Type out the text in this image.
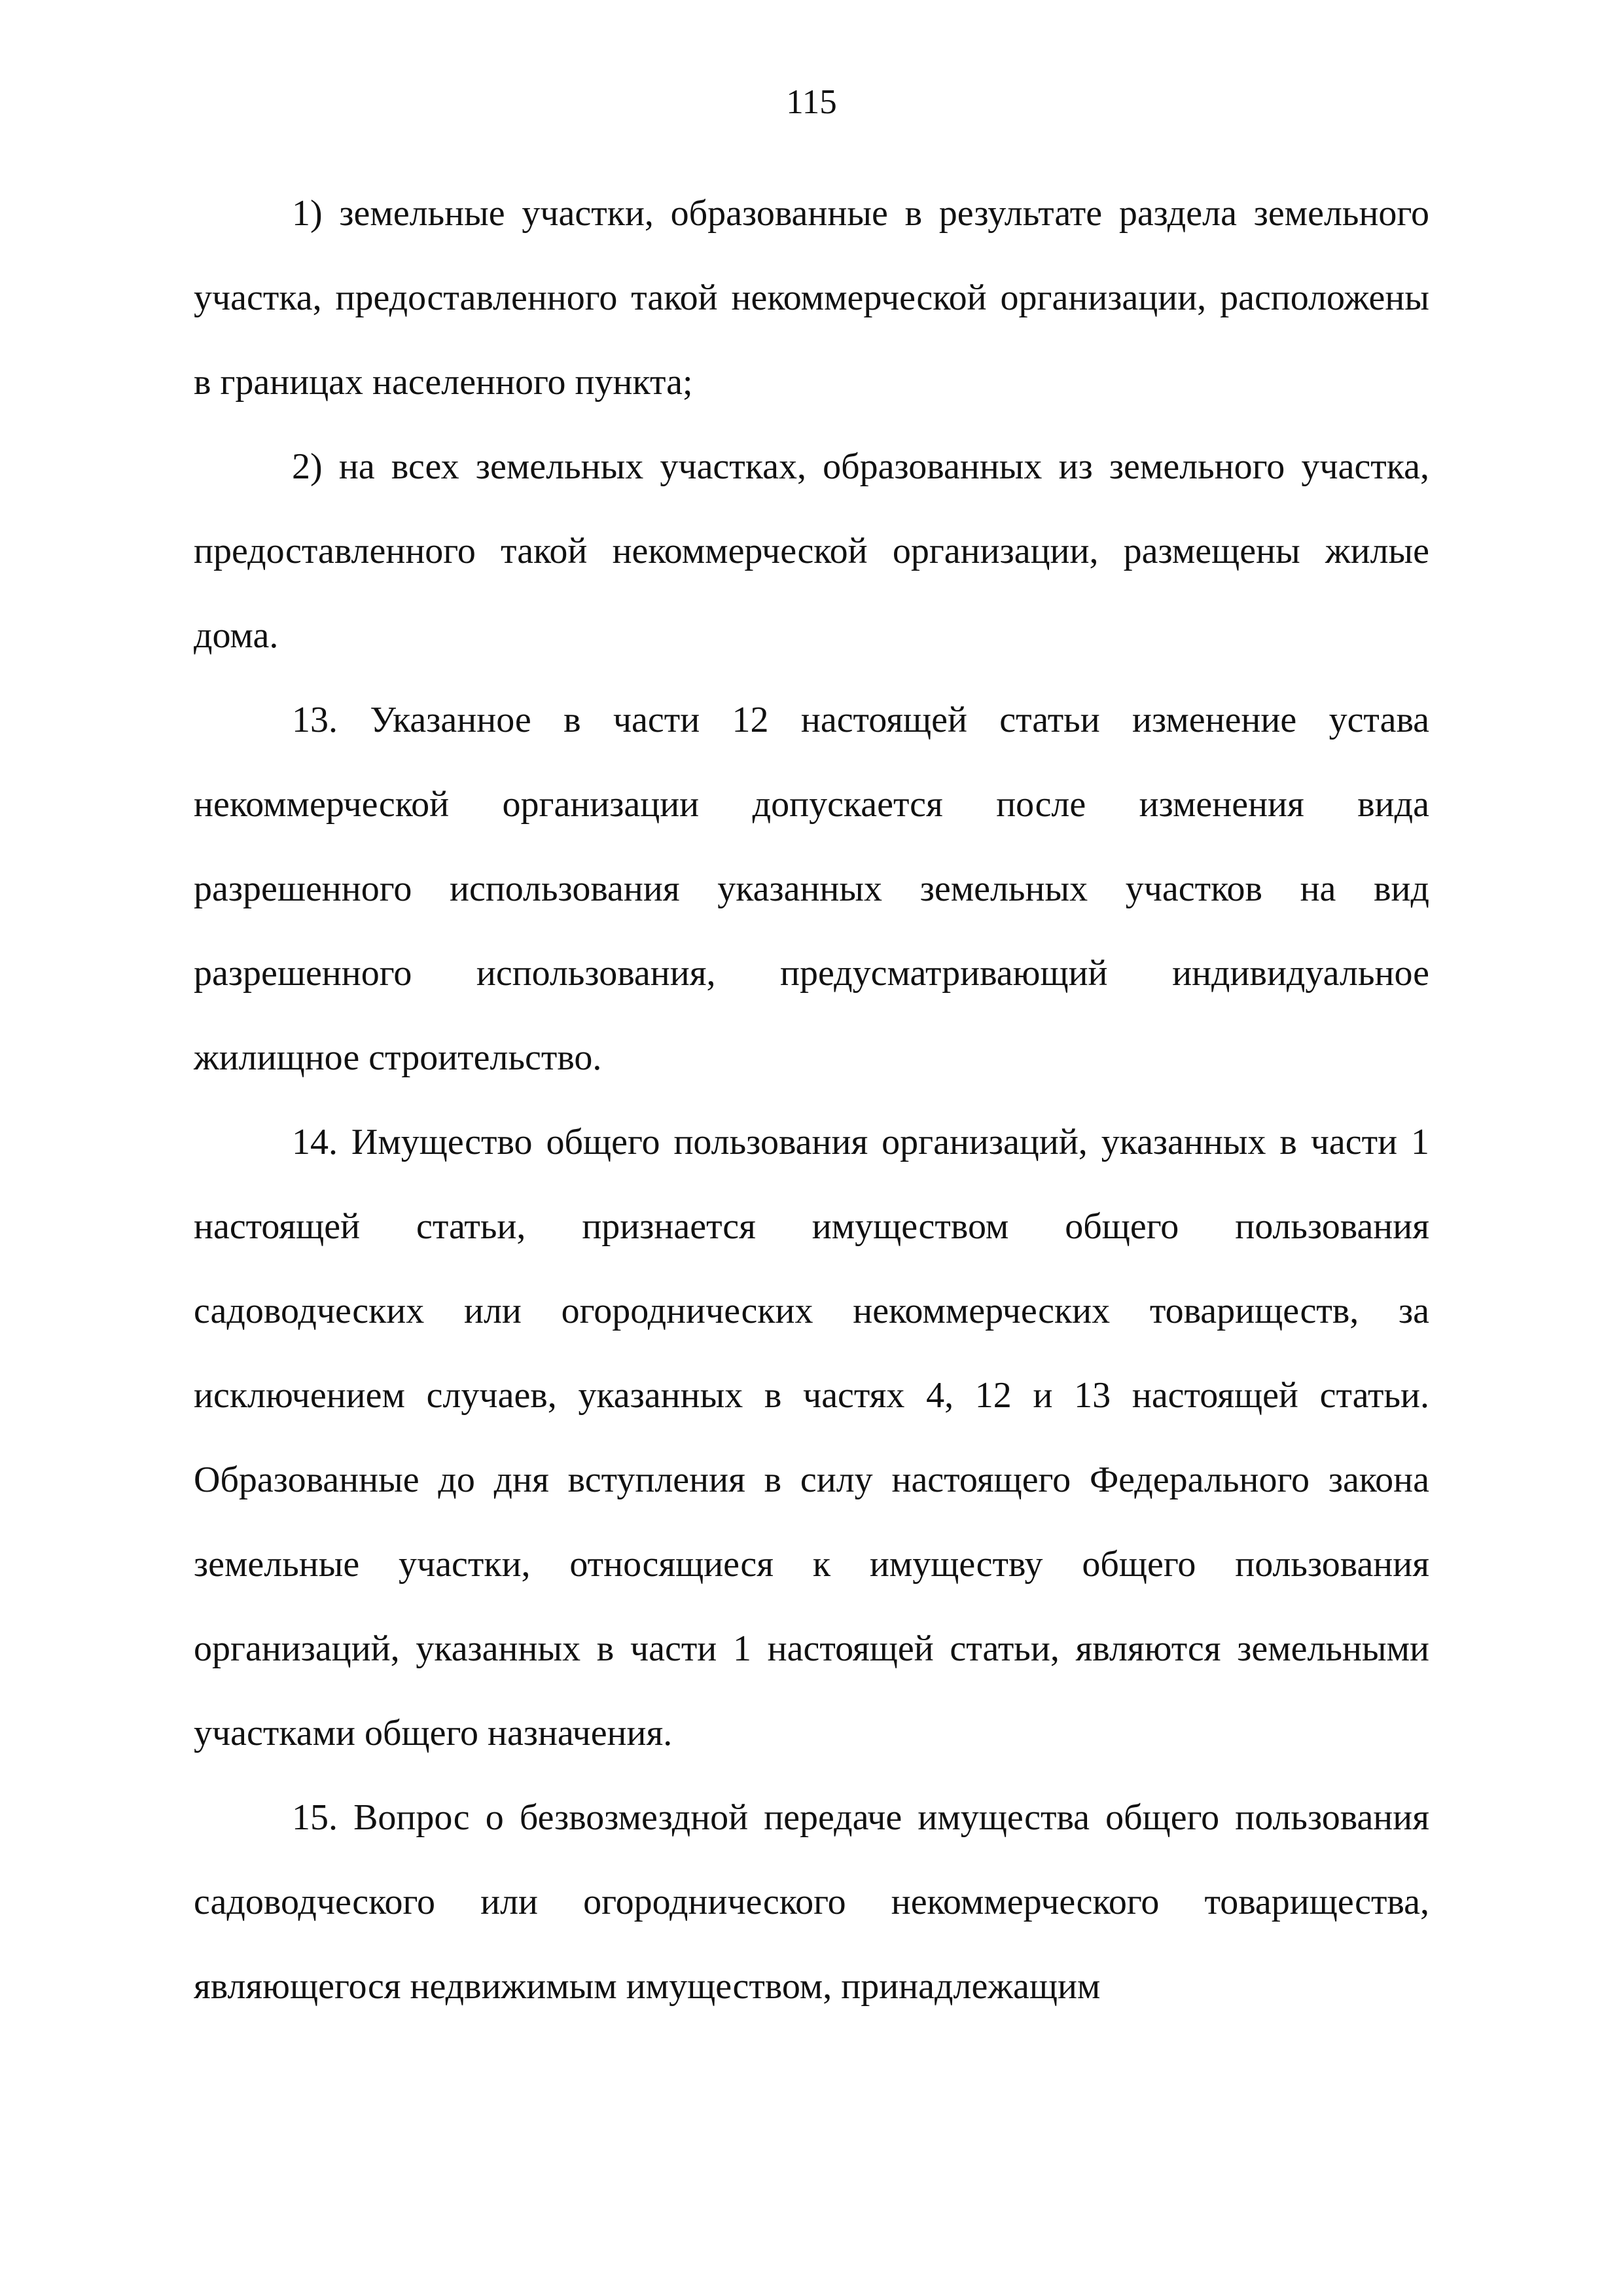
115

1) земельные участки, образованные в результате раздела земельного участка, предоставленного такой некоммерческой организации, расположены в границах населенного пункта;

2) на всех земельных участках, образованных из земельного участка, предоставленного такой некоммерческой организации, размещены жилые дома.

13. Указанное в части 12 настоящей статьи изменение устава некоммерческой организации допускается после изменения вида разрешенного использования указанных земельных участков на вид разрешенного использования, предусматривающий индивидуальное жилищное строительство.

14. Имущество общего пользования организаций, указанных в части 1 настоящей статьи, признается имуществом общего пользования садоводческих или огороднических некоммерческих товариществ, за исключением случаев, указанных в частях 4, 12 и 13 настоящей статьи. Образованные до дня вступления в силу настоящего Федерального закона земельные участки, относящиеся к имуществу общего пользования организаций, указанных в части 1 настоящей статьи, являются земельными участками общего назначения.

15. Вопрос о безвозмездной передаче имущества общего пользования садоводческого или огороднического некоммерческого товарищества, являющегося недвижимым имуществом, принадлежащим
